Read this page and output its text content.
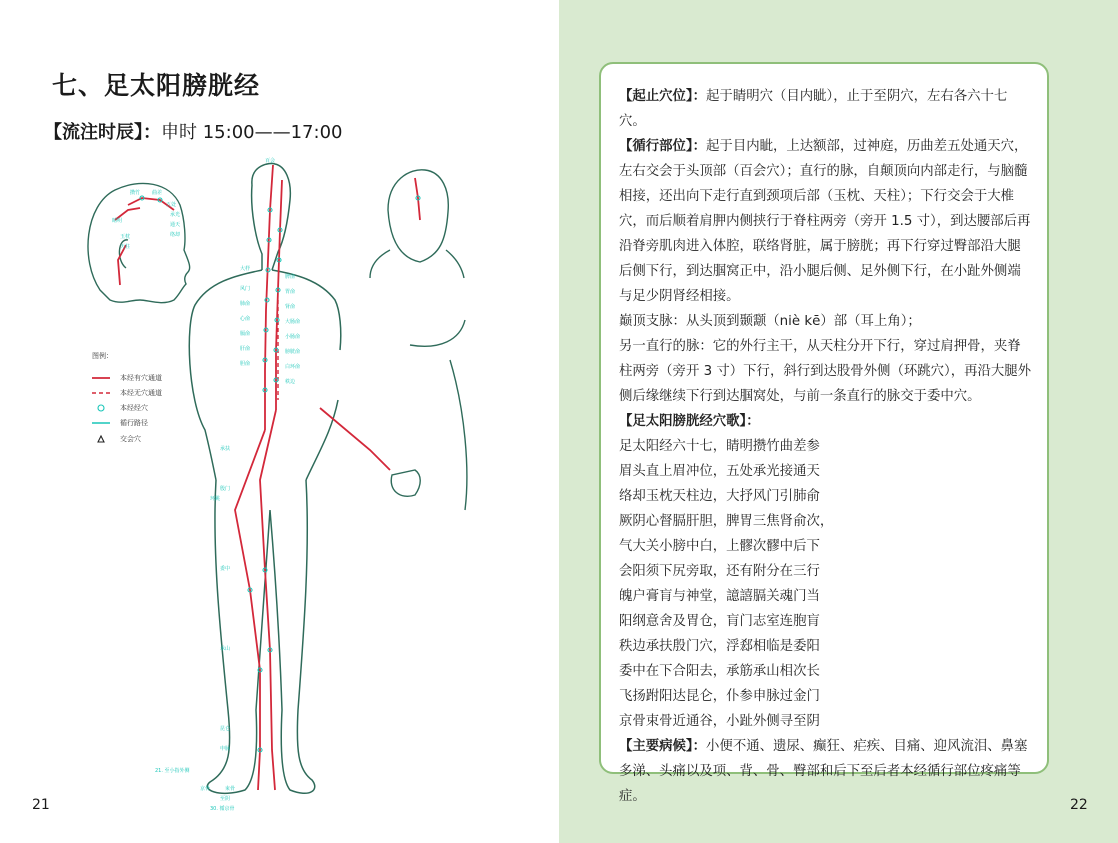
七、足太阳膀胱经
【流注时辰】：申时 15:00——17:00
图例：
本经有穴通道
本经无穴通道
本经经穴
循行路径
交会穴
百会
睛明
攒竹 曲差
五处
承光
通天
络却
玉枕
天柱
大杼
风门
肺俞
心俞
膈俞
肝俞
胆俞
脾俞
胃俞
肾俞
大肠俞
小肠俞
膀胱俞
白环俞
秩边
承扶
殷门
委中
承山
昆仑
申脉
至阴
京骨	束骨
环跳
21. 至小指外侧
30. 循京骨
21

【起止穴位】：起于睛明穴（目内眦），止于至阴穴，左右各六十七穴。

【循行部位】：起于目内眦，上达额部，过神庭，历曲差五处通天穴，左右交会于头顶部（百会穴）；直行的脉，自颠顶向内部走行，与脑髓相接，还出向下走行直到颈项后部（玉枕、天柱）；下行交会于大椎穴，而后顺着肩胛内侧挟行于脊柱两旁（旁开 1.5 寸），到达腰部后再沿脊旁肌肉进入体腔，联络肾脏，属于膀胱；再下行穿过臀部沿大腿后侧下行，到达腘窝正中，沿小腿后侧、足外侧下行，在小趾外侧端与足少阴肾经相接。

巅顶支脉：从头顶到颞颥（niè kē）部（耳上角）；

另一直行的脉：它的外行主干，从天柱分开下行，穿过肩押骨，夹脊柱两旁（旁开 3 寸）下行，斜行到达股骨外侧（环跳穴），再沿大腿外侧后缘继续下行到达腘窝处，与前一条直行的脉交于委中穴。

【足太阳膀胱经穴歌】：

足太阳经六十七，睛明攒竹曲差参

眉头直上眉冲位，五处承光接通天

络却玉枕天柱边，大抒风门引肺俞

厥阴心督膈肝胆，脾胃三焦肾俞次，

气大关小膀中白，上髎次髎中后下

会阳须下尻旁取，还有附分在三行

魄户膏肓与神堂，譩譆膈关魂门当

阳纲意舍及胃仓，肓门志室连胞肓

秩边承扶殷门穴，浮郄相临是委阳

委中在下合阳去，承筋承山相次长

飞扬跗阳达昆仑，仆参申脉过金门

京骨束骨近通谷，小趾外侧寻至阴

【主要病候】：小便不通、遗尿、癫狂、疟疾、目痛、迎风流泪、鼻塞多涕、头痛以及项、背、骨、臀部和后下至后者本经循行部位疼痛等症。

22
